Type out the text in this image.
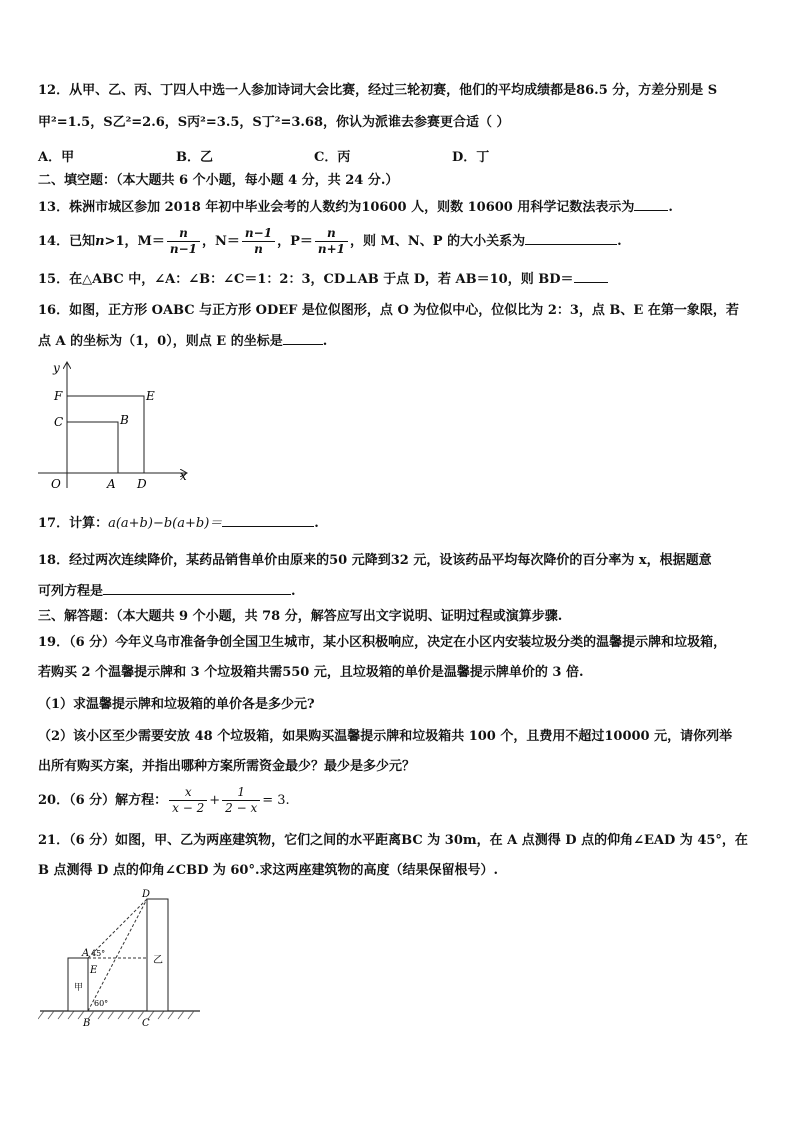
12．从甲、乙、丙、丁四人中选一人参加诗词大会比赛，经过三轮初赛，他们的平均成绩都是86.5 分，方差分别是 S
甲²=1.5，S乙²=2.6，S丙²=3.5，S丁²=3.68，你认为派谁去参赛更合适（ ）
A．甲	B．乙	C．丙	D．丁
二、填空题：（本大题共 6 个小题，每小题 4 分，共 24 分.）
13．株洲市城区参加 2018 年初中毕业会考的人数约为10600 人，则数 10600 用科学记数法表示为	.
14．已知n>1，$M= \frac{n}{n-1}$ ，$N= \frac{n-1}{n}$ ，$P= \frac{n}{n+1}$ ，则 M、N、P 的大小关系为	.
15．在△ABC 中，∠A：∠B：∠C＝1：2：3，CD⊥AB 于点 D，若 AB＝10，则 BD＝
16．如图，正方形 OABC 与正方形 ODEF 是位似图形，点 O 为位似中心，位似比为 2：3，点 B、E 在第一象限，若
点 A 的坐标为（1，0），则点 E 的坐标是	.
y
x
F	E
C	B
O	A D
17．计算：a(a+b)−b(a+b)＝	.
18．经过两次连续降价，某药品销售单价由原来的50 元降到32 元，设该药品平均每次降价的百分率为 x，根据题意
可列方程是	.
三、解答题：（本大题共 9 个小题，共 78 分，解答应写出文字说明、证明过程或演算步骤.
19．（6 分）今年义乌市准备争创全国卫生城市，某小区积极响应，决定在小区内安装垃圾分类的温馨提示牌和垃圾箱，
若购买 2 个温馨提示牌和 3 个垃圾箱共需550 元，且垃圾箱的单价是温馨提示牌单价的 3 倍.
（1）求温馨提示牌和垃圾箱的单价各是多少元?
（2）该小区至少需要安放 48 个垃圾箱，如果购买温馨提示牌和垃圾箱共 100 个，且费用不超过10000 元，请你列举
出所有购买方案，并指出哪种方案所需资金最少？最少是多少元？
20．（6 分）解方程： $\frac{x}{x - 2} + \frac{1}{2 - x} = 3$.
21．（6 分）如图，甲、乙为两座建筑物，它们之间的水平距离BC 为 30m，在 A 点测得 D 点的仰角∠EAD 为 45°，在
B 点测得 D 点的仰角∠CBD 为 60°.求这两座建筑物的高度（结果保留根号）.
D
A 45°
E
甲
乙
60°
B	C
